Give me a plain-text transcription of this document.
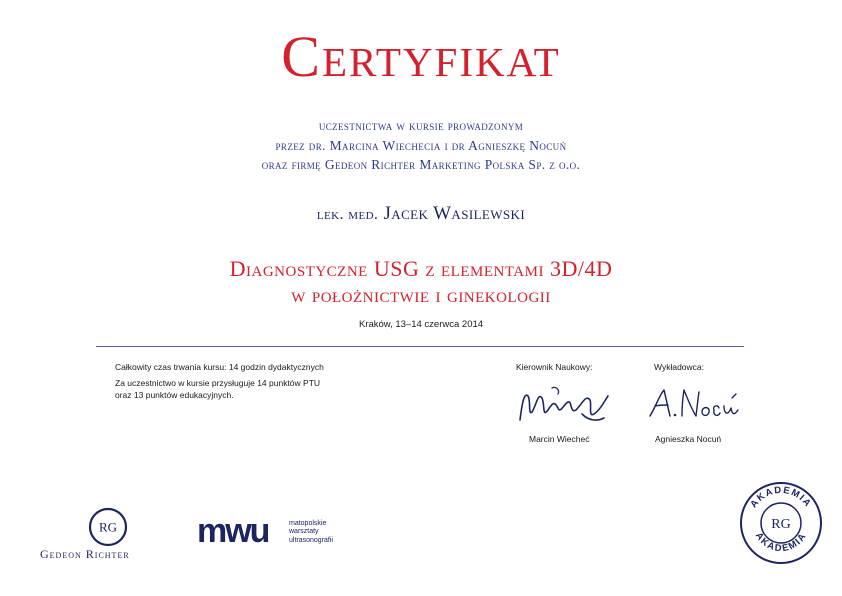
Certyfikat
uczestnictwa w kursie prowadzonym
przez dr. Marcina Wiechecia i dr Agnieszkę Nocuń
oraz firmę Gedeon Richter Marketing Polska Sp. z o.o.
lek. med. Jacek Wasilewski
Diagnostyczne USG z elementami 3D/4D
w położnictwie i ginekologii
Kraków, 13–14 czerwca 2014
Całkowity czas trwania kursu: 14 godzin dydaktycznych
Za uczestnictwo w kursie przysługuje 14 punktów PTU
oraz 13 punktów edukacyjnych.
Kierownik Naukowy:	Wykładowca:
Marcin Wiecheć	Agnieszka Nocuń
RG
Gedeon Richter
mwu	matopolskie
warsztaty
ultrasonografii
AKADEMIA
AKADEMIA
RG
